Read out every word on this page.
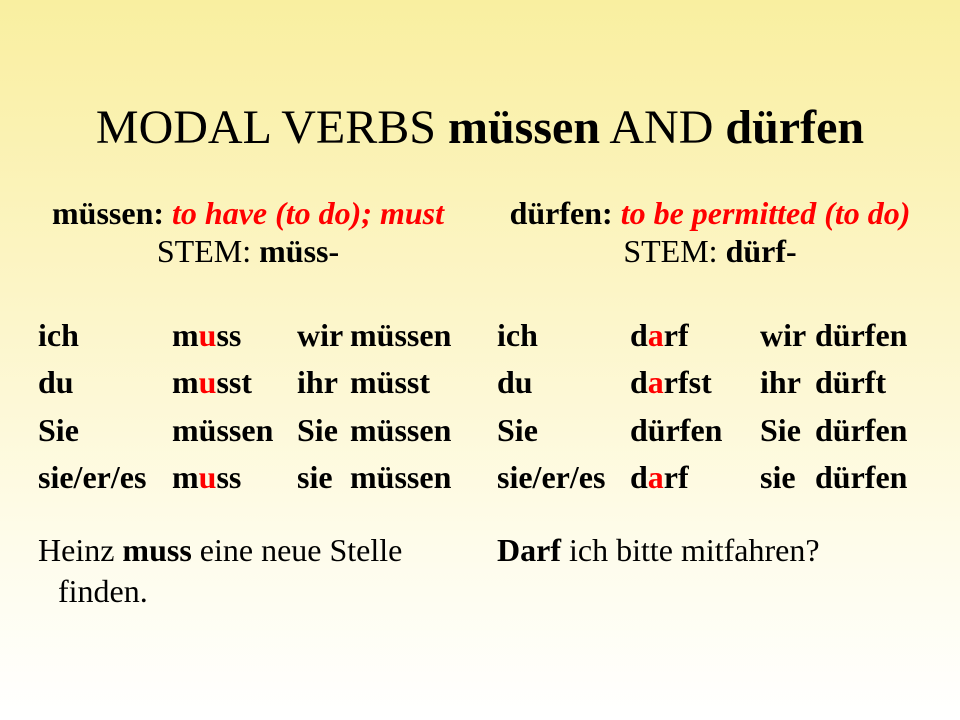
MODAL VERBS müssen AND dürfen
müssen: to have (to do); must
STEM: müss-
ich	muss wir müssen
du	musst ihr müsst
Sie	müssen Sie müssen
sie/er/es muss sie müssen
Heinz muss eine neue Stelle finden.
dürfen: to be permitted (to do)
STEM: dürf-
ich	darf wir dürfen
du	darfst ihr dürft
Sie	dürfen Sie dürfen
sie/er/es darf sie dürfen
Darf ich bitte mitfahren?
